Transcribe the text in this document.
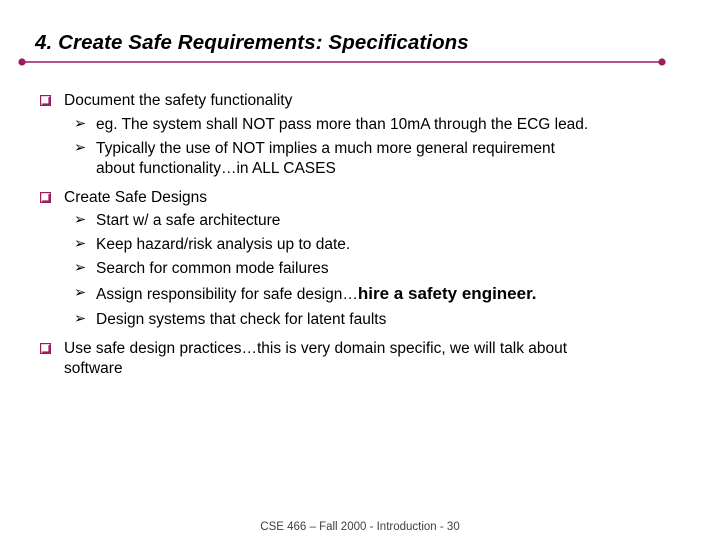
4. Create Safe Requirements: Specifications

Document the safety functionality

➢ eg. The system shall NOT pass more than 10mA through the ECG lead.

➢ Typically the use of NOT implies a much more general requirement

about functionality…in ALL CASES

Create Safe Designs

➢ Start w/ a safe architecture

➢ Keep hazard/risk analysis up to date.

➢ Search for common mode failures

➢ Assign responsibility for safe design…hire a safety engineer.

➢ Design systems that check for latent faults

Use safe design practices…this is very domain specific, we will talk about

software

CSE 466 – Fall 2000 - Introduction - 30
